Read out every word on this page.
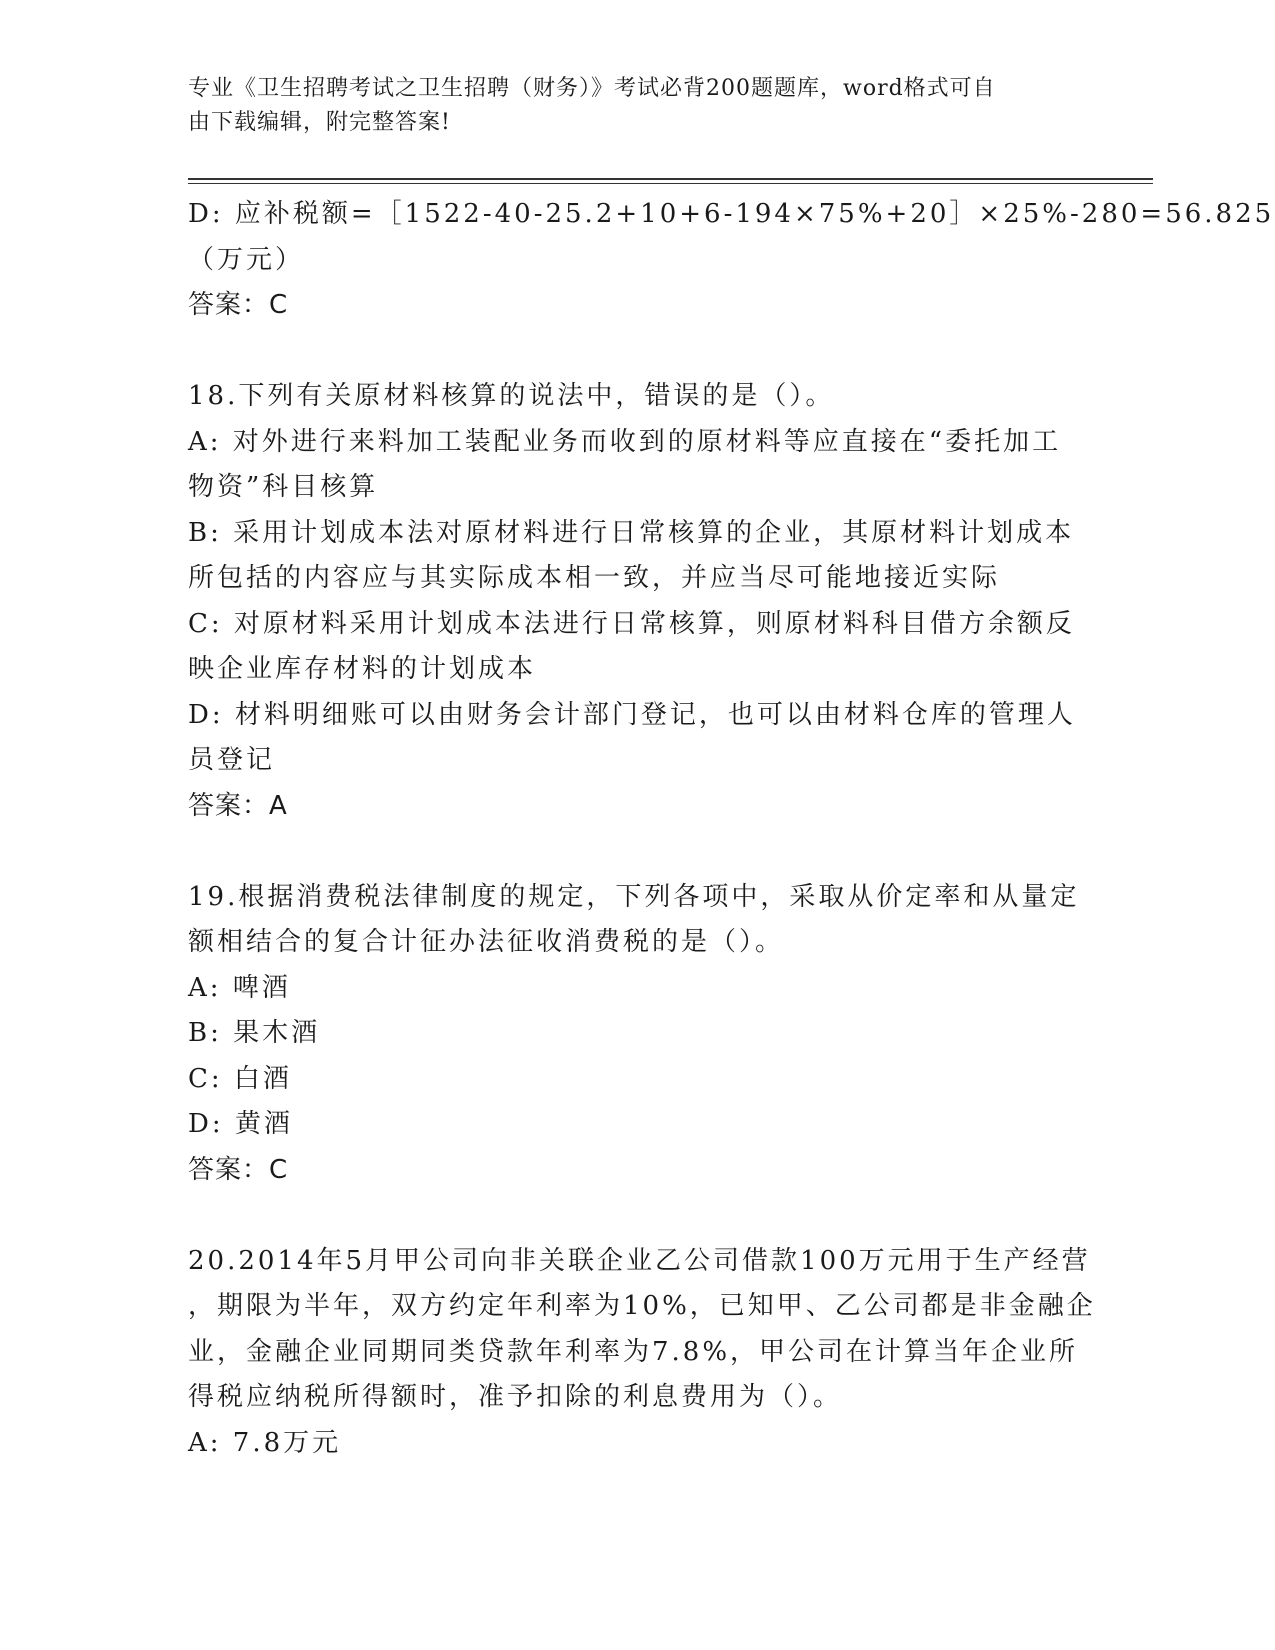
专业《卫生招聘考试之卫生招聘（财务）》考试必背200题题库，word格式可自
由下载编辑，附完整答案!
D: 应补税额=［1522-40-25.2+10+6-194×75%+20］×25%-280=56.825
（万元）
答案：C
18.下列有关原材料核算的说法中，错误的是（）。
A: 对外进行来料加工装配业务而收到的原材料等应直接在“委托加工
物资”科目核算
B: 采用计划成本法对原材料进行日常核算的企业，其原材料计划成本
所包括的内容应与其实际成本相一致，并应当尽可能地接近实际
C: 对原材料采用计划成本法进行日常核算，则原材料科目借方余额反
映企业库存材料的计划成本
D: 材料明细账可以由财务会计部门登记，也可以由材料仓库的管理人
员登记
答案：A
19.根据消费税法律制度的规定，下列各项中，采取从价定率和从量定
额相结合的复合计征办法征收消费税的是（）。
A: 啤酒
B: 果木酒
C: 白酒
D: 黄酒
答案：C
20.2014年5月甲公司向非关联企业乙公司借款100万元用于生产经营
，期限为半年，双方约定年利率为10%，已知甲、乙公司都是非金融企
业，金融企业同期同类贷款年利率为7.8%，甲公司在计算当年企业所
得税应纳税所得额时，准予扣除的利息费用为（）。
A: 7.8万元
